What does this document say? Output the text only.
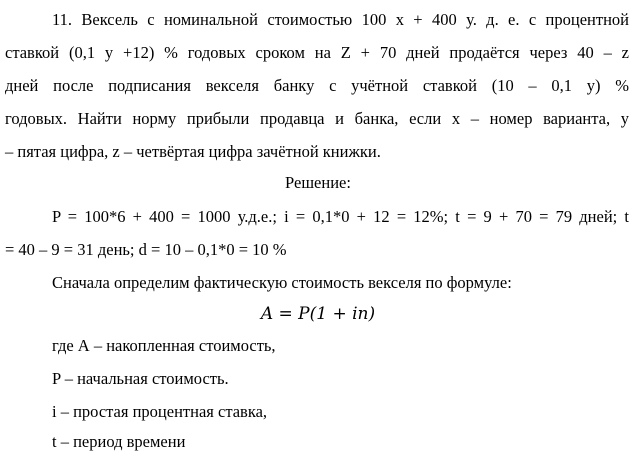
11. Вексель с номинальной стоимостью 100 x + 400 у. д. е. с процентной
ставкой (0,1 y +12) % годовых сроком на Z + 70 дней продаётся через 40 – z
дней после подписания векселя банку с учётной ставкой (10 – 0,1 y) %
годовых. Найти норму прибыли продавца и банка, если x – номер варианта, y
– пятая цифра, z – четвёртая цифра зачётной книжки.
Решение:
P = 100*6 + 400 = 1000 у.д.е.; i = 0,1*0 + 12 = 12%; t = 9 + 70 = 79 дней; t
= 40 – 9 = 31 день; d = 10 – 0,1*0 = 10 %
Сначала определим фактическую стоимость векселя по формуле:
A = P(1 + in)
где А – накопленная стоимость,
P – начальная стоимость.
i – простая процентная ставка,
t – период времени
